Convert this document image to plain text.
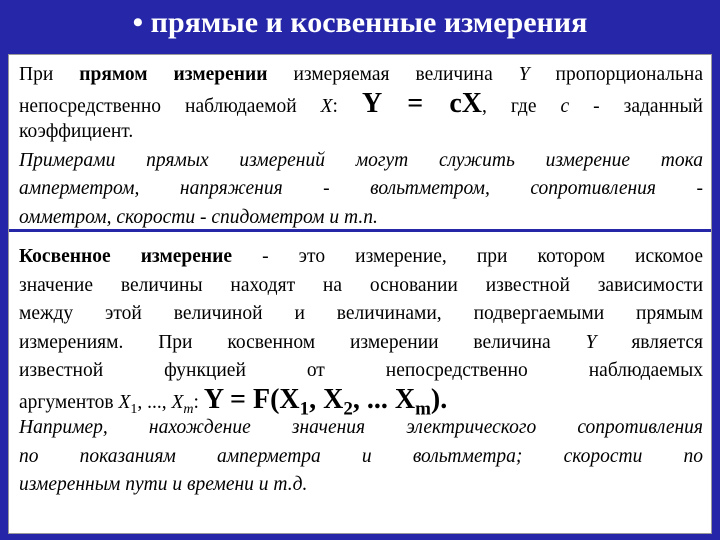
• прямые и косвенные измерения
При прямом измерении измеряемая величина Y пропорциональна
непосредственно наблюдаемой X: Y = cX, где с - заданный
коэффициент.
Примерами прямых измерений могут служить измерение тока
амперметром, напряжения - вольтметром, сопротивления -
омметром, скорости - спидометром и т.п.
Косвенное измерение - это измерение, при котором искомое
значение величины находят на основании известной зависимости
между этой величиной и величинами, подвергаемыми прямым
измерениям. При косвенном измерении величина Y является
известной функцией от непосредственно наблюдаемых
аргументов $X_1$, ..., $X_m$: $Y = F(X_1$, $X_2$, ... $X_m$).
Например, нахождение значения электрического сопротивления
по показаниям амперметра и вольтметра; скорости по
измеренным пути и времени и т.д.
